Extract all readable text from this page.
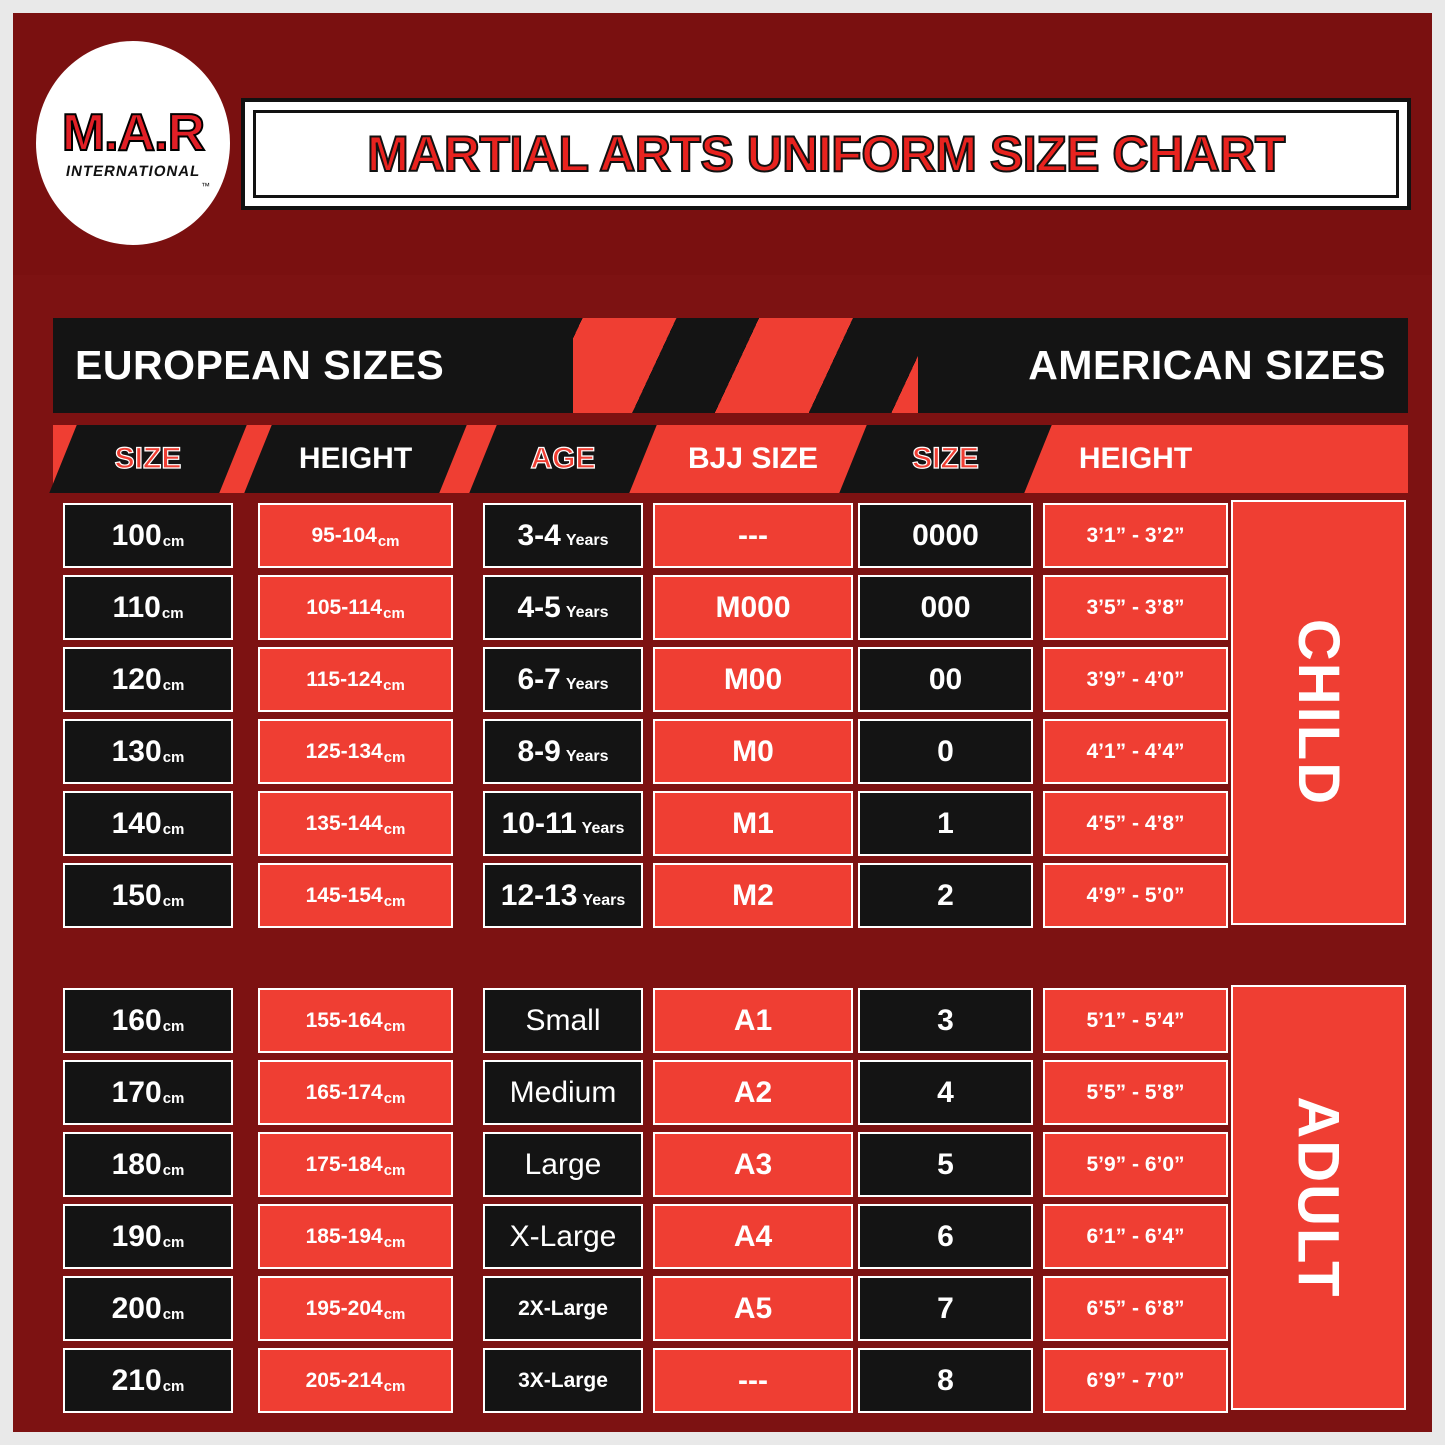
M.A.R
INTERNATIONAL
™
MARTIAL ARTS UNIFORM SIZE CHART
EUROPEAN SIZES	AMERICAN SIZES
SIZE	HEIGHT	AGE	BJJ SIZE	SIZE	HEIGHT
100 cm	95-104 cm	3-4 Years	---	0000	3’1” - 3’2”
110 cm	105-114 cm	4-5 Years	M000	000	3’5” - 3’8”
120 cm	115-124 cm	6-7 Years	M00	00	3’9” - 4’0”
130 cm	125-134 cm	8-9 Years	M0	0	4’1” - 4’4”
140 cm	135-144 cm	10-11 Years	M1	1	4’5” - 4’8”
150 cm	145-154 cm	12-13 Years	M2	2	4’9” - 5’0”
CHILD
160 cm	155-164 cm	Small	A1	3	5’1” - 5’4”
170 cm	165-174 cm	Medium	A2	4	5’5” - 5’8”
180 cm	175-184 cm	Large	A3	5	5’9” - 6’0”
190 cm	185-194 cm	X-Large	A4	6	6’1” - 6’4”
200 cm	195-204 cm	2X-Large	A5	7	6’5” - 6’8”
210 cm	205-214 cm	3X-Large	---	8	6’9” - 7’0”
ADULT
